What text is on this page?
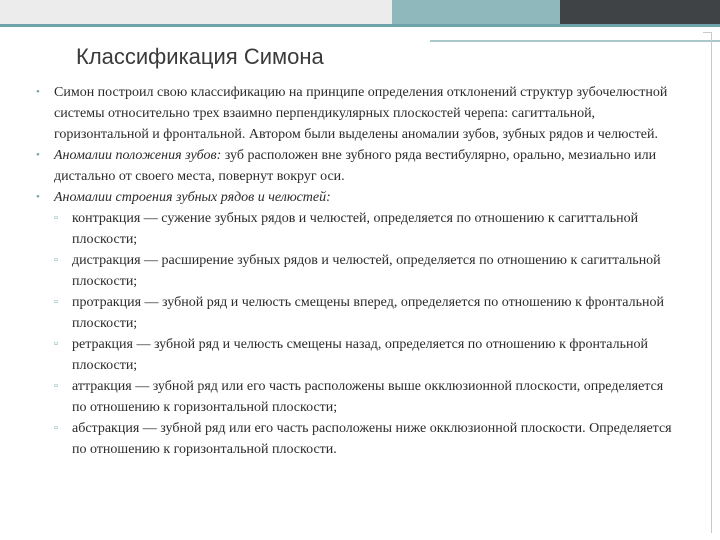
Классификация Симона
• Симон построил свою классификацию на принципе определения отклонений структур зубочелюстной системы относительно трех взаимно перпендикулярных плоскостей черепа: сагиттальной, горизонтальной и фронтальной. Автором были выделены аномалии зубов, зубных рядов и челюстей.
• Аномалии положения зубов: зуб расположен вне зубного ряда вестибулярно, орально, мезиально или дистально от своего места, повернут вокруг оси.
• Аномалии строения зубных рядов и челюстей:
▫ контракция — сужение зубных рядов и челюстей, определяется по отношению к сагиттальной плоскости;
▫ дистракция — расширение зубных рядов и челюстей, определяется по отношению к сагиттальной плоскости;
▫ протракция — зубной ряд и челюсть смещены вперед, определяется по отношению к фронтальной плоскости;
▫ ретракция — зубной ряд и челюсть смещены назад, определяется по отношению к фронтальной плоскости;
▫ аттракция — зубной ряд или его часть расположены выше окклюзионной плоскости, определяется по отношению к горизонтальной плоскости;
▫ абстракция — зубной ряд или его часть расположены ниже окклюзионной плоскости. Определяется по отношению к горизонтальной плоскости.
